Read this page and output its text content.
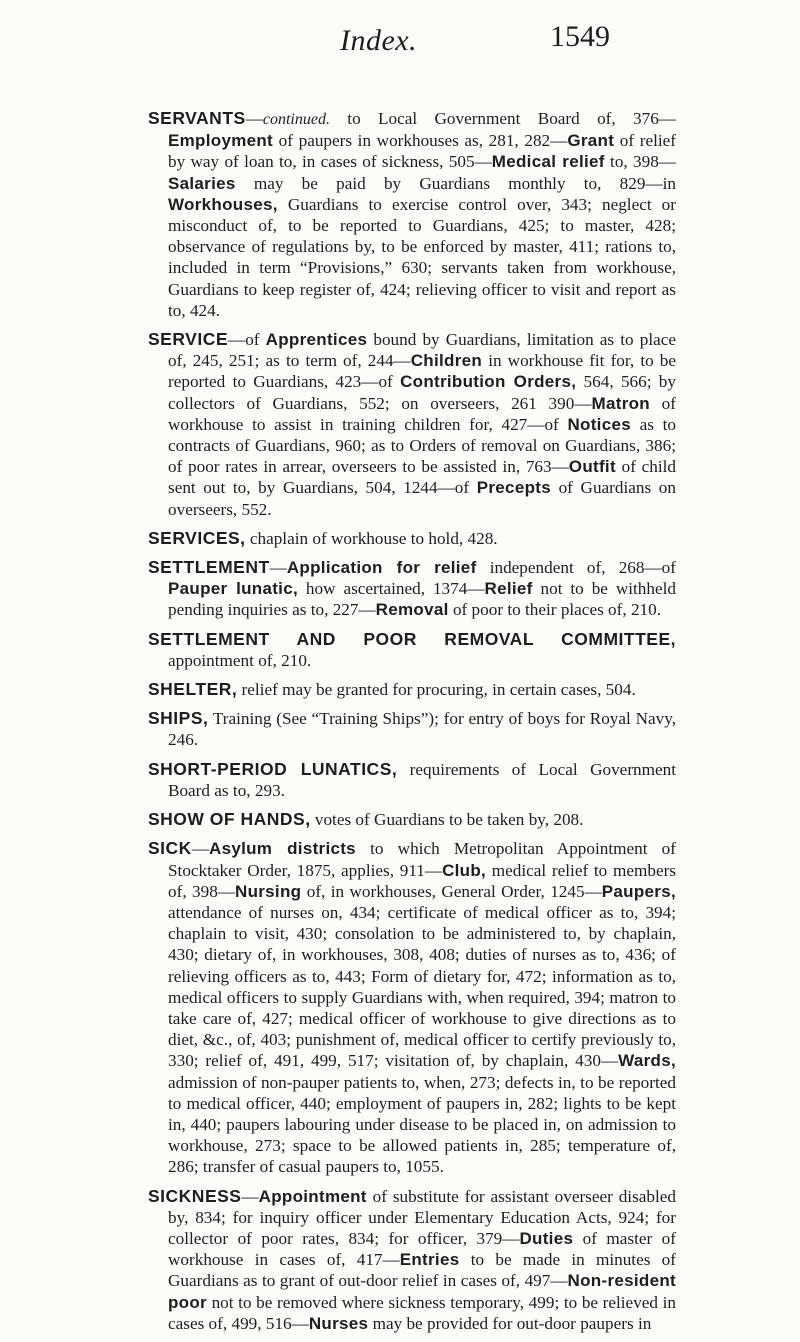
Index.	1549

SERVANTS—continued. to Local Government Board of, 376—Employment of paupers in workhouses as, 281, 282—Grant of relief by way of loan to, in cases of sickness, 505—Medical relief to, 398—Salaries may be paid by Guardians monthly to, 829—in Workhouses, Guardians to exercise control over, 343; neglect or misconduct of, to be reported to Guardians, 425; to master, 428; observance of regulations by, to be enforced by master, 411; rations to, included in term “Provisions,” 630; servants taken from workhouse, Guardians to keep register of, 424; relieving officer to visit and report as to, 424.

SERVICE—of Apprentices bound by Guardians, limitation as to place of, 245, 251; as to term of, 244—Children in workhouse fit for, to be reported to Guardians, 423—of Contribution Orders, 564, 566; by collectors of Guardians, 552; on overseers, 261 390—Matron of workhouse to assist in training children for, 427—of Notices as to contracts of Guardians, 960; as to Orders of removal on Guardians, 386; of poor rates in arrear, overseers to be assisted in, 763—Outfit of child sent out to, by Guardians, 504, 1244—of Precepts of Guardians on overseers, 552.

SERVICES, chaplain of workhouse to hold, 428.

SETTLEMENT—Application for relief independent of, 268—of Pauper lunatic, how ascertained, 1374—Relief not to be withheld pending inquiries as to, 227—Removal of poor to their places of, 210.

SETTLEMENT AND POOR REMOVAL COMMITTEE, appointment of, 210.

SHELTER, relief may be granted for procuring, in certain cases, 504.

SHIPS, Training (See “Training Ships”); for entry of boys for Royal Navy, 246.

SHORT-PERIOD LUNATICS, requirements of Local Government Board as to, 293.

SHOW OF HANDS, votes of Guardians to be taken by, 208.

SICK—Asylum districts to which Metropolitan Appointment of Stocktaker Order, 1875, applies, 911—Club, medical relief to members of, 398—Nursing of, in workhouses, General Order, 1245—Paupers, attendance of nurses on, 434; certificate of medical officer as to, 394; chaplain to visit, 430; consolation to be administered to, by chaplain, 430; dietary of, in workhouses, 308, 408; duties of nurses as to, 436; of relieving officers as to, 443; Form of dietary for, 472; information as to, medical officers to supply Guardians with, when required, 394; matron to take care of, 427; medical officer of workhouse to give directions as to diet, &c., of, 403; punishment of, medical officer to certify previously to, 330; relief of, 491, 499, 517; visitation of, by chaplain, 430—Wards, admission of non-pauper patients to, when, 273; defects in, to be reported to medical officer, 440; employment of paupers in, 282; lights to be kept in, 440; paupers labouring under disease to be placed in, on admission to workhouse, 273; space to be allowed patients in, 285; temperature of, 286; transfer of casual paupers to, 1055.

SICKNESS—Appointment of substitute for assistant overseer disabled by, 834; for inquiry officer under Elementary Education Acts, 924; for collector of poor rates, 834; for officer, 379—Duties of master of workhouse in cases of, 417—Entries to be made in minutes of Guardians as to grant of out-door relief in cases of, 497—Non-resident poor not to be removed where sickness temporary, 499; to be relieved in cases of, 499, 516—Nurses may be provided for out-door paupers in
